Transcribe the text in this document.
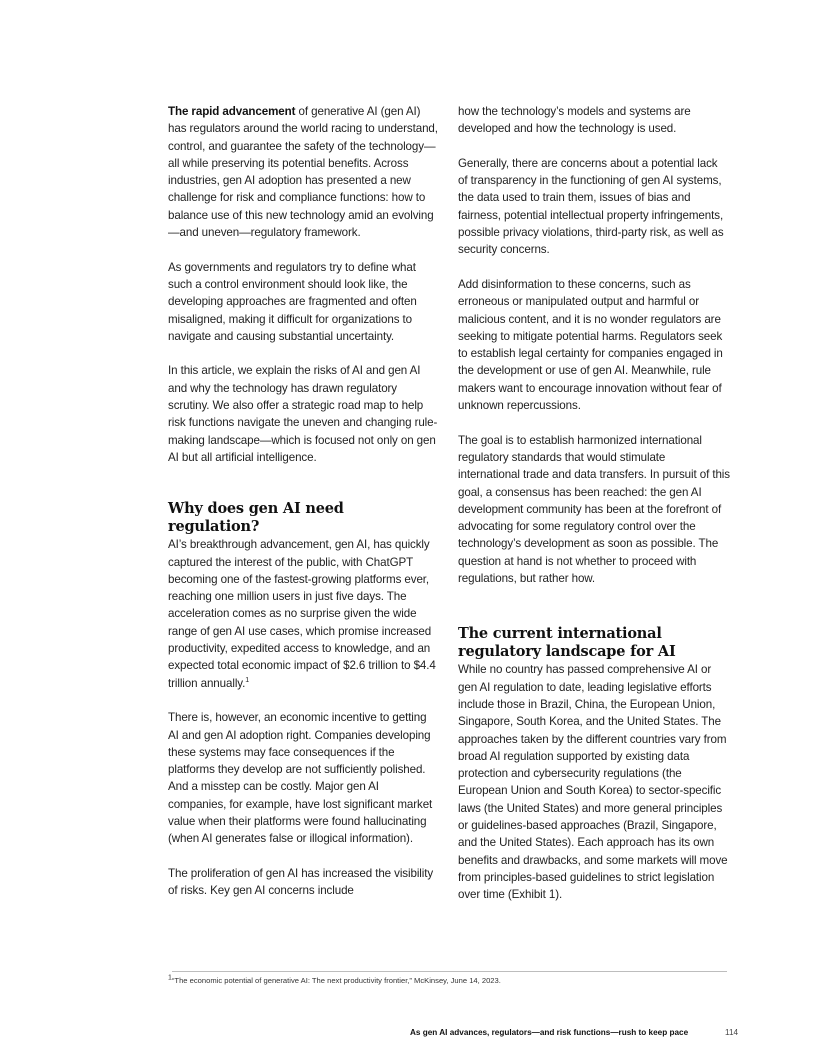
The rapid advancement of generative AI (gen AI) has regulators around the world racing to understand, control, and guarantee the safety of the technology—all while preserving its potential benefits. Across industries, gen AI adoption has presented a new challenge for risk and compliance functions: how to balance use of this new technology amid an evolving—and uneven—regulatory framework.

As governments and regulators try to define what such a control environment should look like, the developing approaches are fragmented and often misaligned, making it difficult for organizations to navigate and causing substantial uncertainty.

In this article, we explain the risks of AI and gen AI and why the technology has drawn regulatory scrutiny. We also offer a strategic road map to help risk functions navigate the uneven and changing rule-making landscape—which is focused not only on gen AI but all artificial intelligence.

Why does gen AI need regulation?

AI’s breakthrough advancement, gen AI, has quickly captured the interest of the public, with ChatGPT becoming one of the fastest-growing platforms ever, reaching one million users in just five days. The acceleration comes as no surprise given the wide range of gen AI use cases, which promise increased productivity, expedited access to knowledge, and an expected total economic impact of $2.6 trillion to $4.4 trillion annually.$^1$

There is, however, an economic incentive to getting AI and gen AI adoption right. Companies developing these systems may face consequences if the platforms they develop are not sufficiently polished. And a misstep can be costly. Major gen AI companies, for example, have lost significant market value when their platforms were found hallucinating (when AI generates false or illogical information).

The proliferation of gen AI has increased the visibility of risks. Key gen AI concerns include

how the technology’s models and systems are developed and how the technology is used.

Generally, there are concerns about a potential lack of transparency in the functioning of gen AI systems, the data used to train them, issues of bias and fairness, potential intellectual property infringements, possible privacy violations, third-party risk, as well as security concerns.

Add disinformation to these concerns, such as erroneous or manipulated output and harmful or malicious content, and it is no wonder regulators are seeking to mitigate potential harms. Regulators seek to establish legal certainty for companies engaged in the development or use of gen AI. Meanwhile, rule makers want to encourage innovation without fear of unknown repercussions.

The goal is to establish harmonized international regulatory standards that would stimulate international trade and data transfers. In pursuit of this goal, a consensus has been reached: the gen AI development community has been at the forefront of advocating for some regulatory control over the technology’s development as soon as possible. The question at hand is not whether to proceed with regulations, but rather how.

The current international regulatory landscape for AI

While no country has passed comprehensive AI or gen AI regulation to date, leading legislative efforts include those in Brazil, China, the European Union, Singapore, South Korea, and the United States. The approaches taken by the different countries vary from broad AI regulation supported by existing data protection and cybersecurity regulations (the European Union and South Korea) to sector-specific laws (the United States) and more general principles or guidelines-based approaches (Brazil, Singapore, and the United States). Each approach has its own benefits and drawbacks, and some markets will move from principles-based guidelines to strict legislation over time (Exhibit 1).

1“The economic potential of generative AI: The next productivity frontier,” McKinsey, June 14, 2023.
As gen AI advances, regulators—and risk functions—rush to keep pace	114
